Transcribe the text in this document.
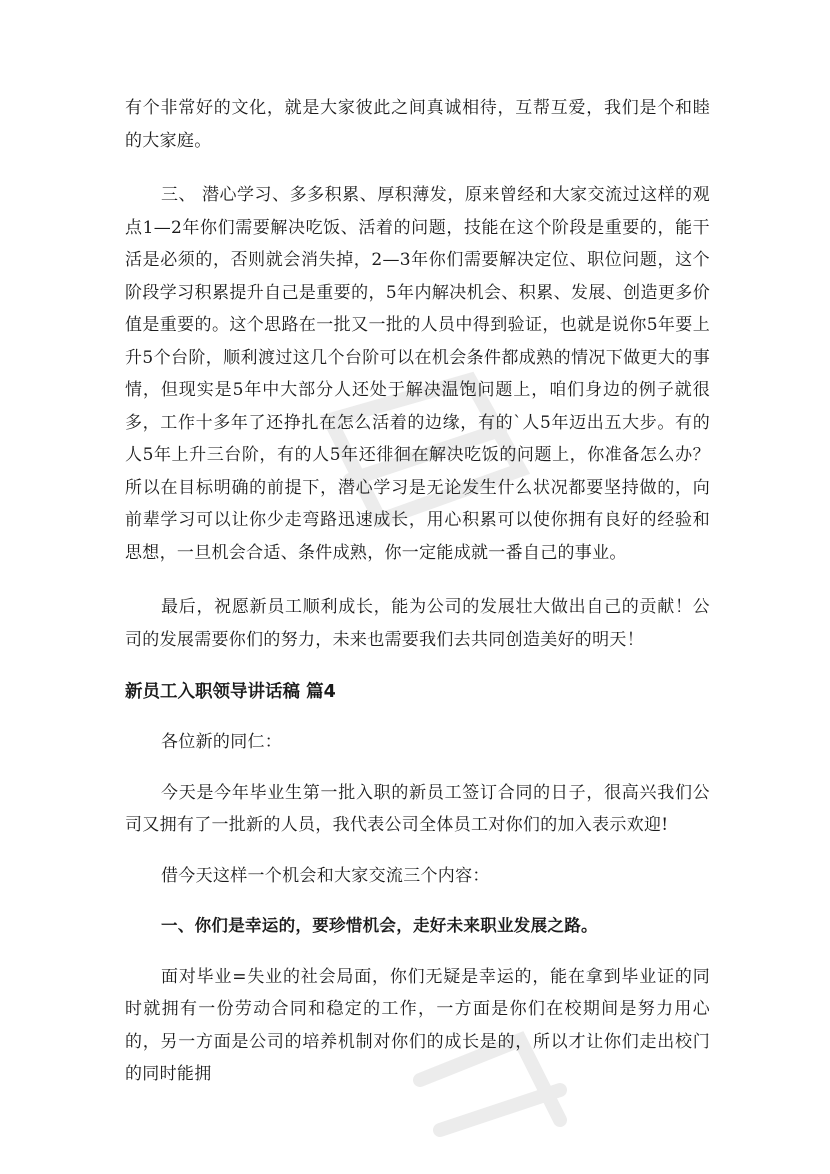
有个非常好的文化，就是大家彼此之间真诚相待，互帮互爱，我们是个和睦的大家庭。

三、 潜心学习、多多积累、厚积薄发，原来曾经和大家交流过这样的观点1—2年你们需要解决吃饭、活着的问题，技能在这个阶段是重要的，能干活是必须的，否则就会消失掉，2—3年你们需要解决定位、职位问题，这个阶段学习积累提升自己是重要的，5年内解决机会、积累、发展、创造更多价值是重要的。这个思路在一批又一批的人员中得到验证，也就是说你5年要上升5个台阶，顺利渡过这几个台阶可以在机会条件都成熟的情况下做更大的事情，但现实是5年中大部分人还处于解决温饱问题上，咱们身边的例子就很多，工作十多年了还挣扎在怎么活着的边缘，有的`人5年迈出五大步。有的人5年上升三台阶，有的人5年还徘徊在解决吃饭的问题上，你准备怎么办？所以在目标明确的前提下，潜心学习是无论发生什么状况都要坚持做的，向前辈学习可以让你少走弯路迅速成长，用心积累可以使你拥有良好的经验和思想，一旦机会合适、条件成熟，你一定能成就一番自己的事业。

最后，祝愿新员工顺利成长，能为公司的发展壮大做出自己的贡献！公司的发展需要你们的努力，未来也需要我们去共同创造美好的明天！

新员工入职领导讲话稿 篇4

各位新的同仁：

今天是今年毕业生第一批入职的新员工签订合同的日子，很高兴我们公司又拥有了一批新的人员，我代表公司全体员工对你们的加入表示欢迎!

借今天这样一个机会和大家交流三个内容：

一、你们是幸运的，要珍惜机会，走好未来职业发展之路。

面对毕业=失业的社会局面，你们无疑是幸运的，能在拿到毕业证的同时就拥有一份劳动合同和稳定的工作，一方面是你们在校期间是努力用心的，另一方面是公司的培养机制对你们的成长是的，所以才让你们走出校门的同时能拥
